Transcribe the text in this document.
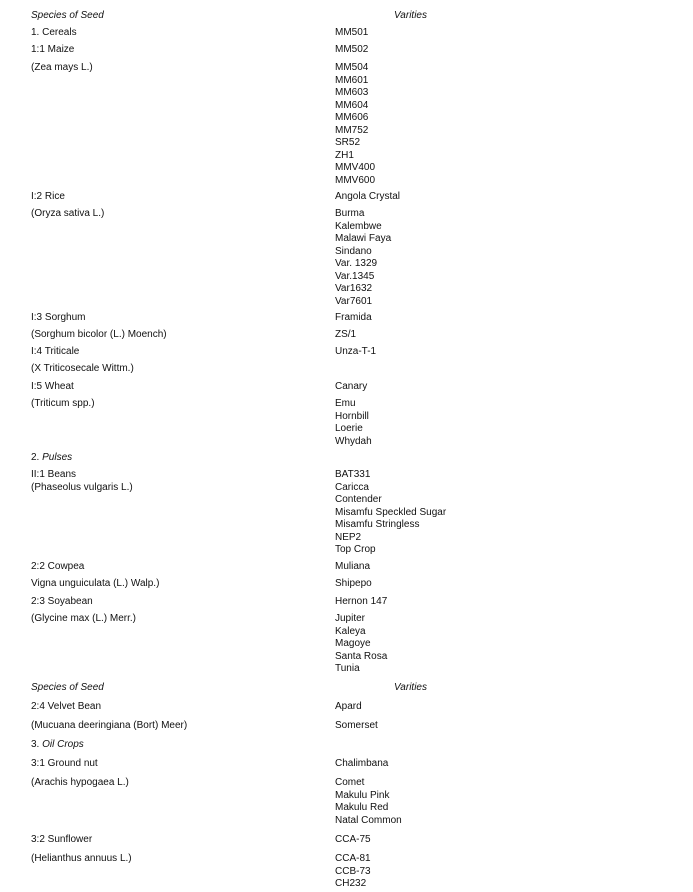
Species of Seed	Varities
1. Cereals
1:1 Maize
(Zea mays L.)
MM501
MM502
MM504
MM601
MM603
MM604
MM606
MM752
SR52
ZH1
MMV400
MMV600
I:2 Rice
(Oryza sativa L.)
Angola Crystal
Burma
Kalembwe
Malawi Faya
Sindano
Var. 1329
Var.1345
Var1632
Var7601
I:3 Sorghum
(Sorghum bicolor (L.) Moench)
Framida
ZS/1
I:4 Triticale
(X Triticosecale Wittm.)
Unza-T-1
I:5 Wheat
(Triticum spp.)
Canary
Emu
Hornbill
Loerie
Whydah
2. Pulses
II:1 Beans
(Phaseolus vulgaris L.)
BAT331
Caricca
Contender
Misamfu Speckled Sugar
Misamfu Stringless
NEP2
Top Crop
2:2 Cowpea
Vigna unguiculata (L.) Walp.)
Muliana
Shipepo
2:3 Soyabean
(Glycine max (L.) Merr.)
Hernon 147
Jupiter
Kaleya
Magoye
Santa Rosa
Tunia
Species of Seed	Varities
2:4 Velvet Bean
(Mucuana deeringiana (Bort) Meer)
Apard
Somerset
3. Oil Crops
3:1 Ground nut
(Arachis hypogaea L.)
Chalimbana
Comet
Makulu Pink
Makulu Red
Natal Common
3:2 Sunflower
(Helianthus annuus L.)
CCA-75
CCA-81
CCB-73
CH232
